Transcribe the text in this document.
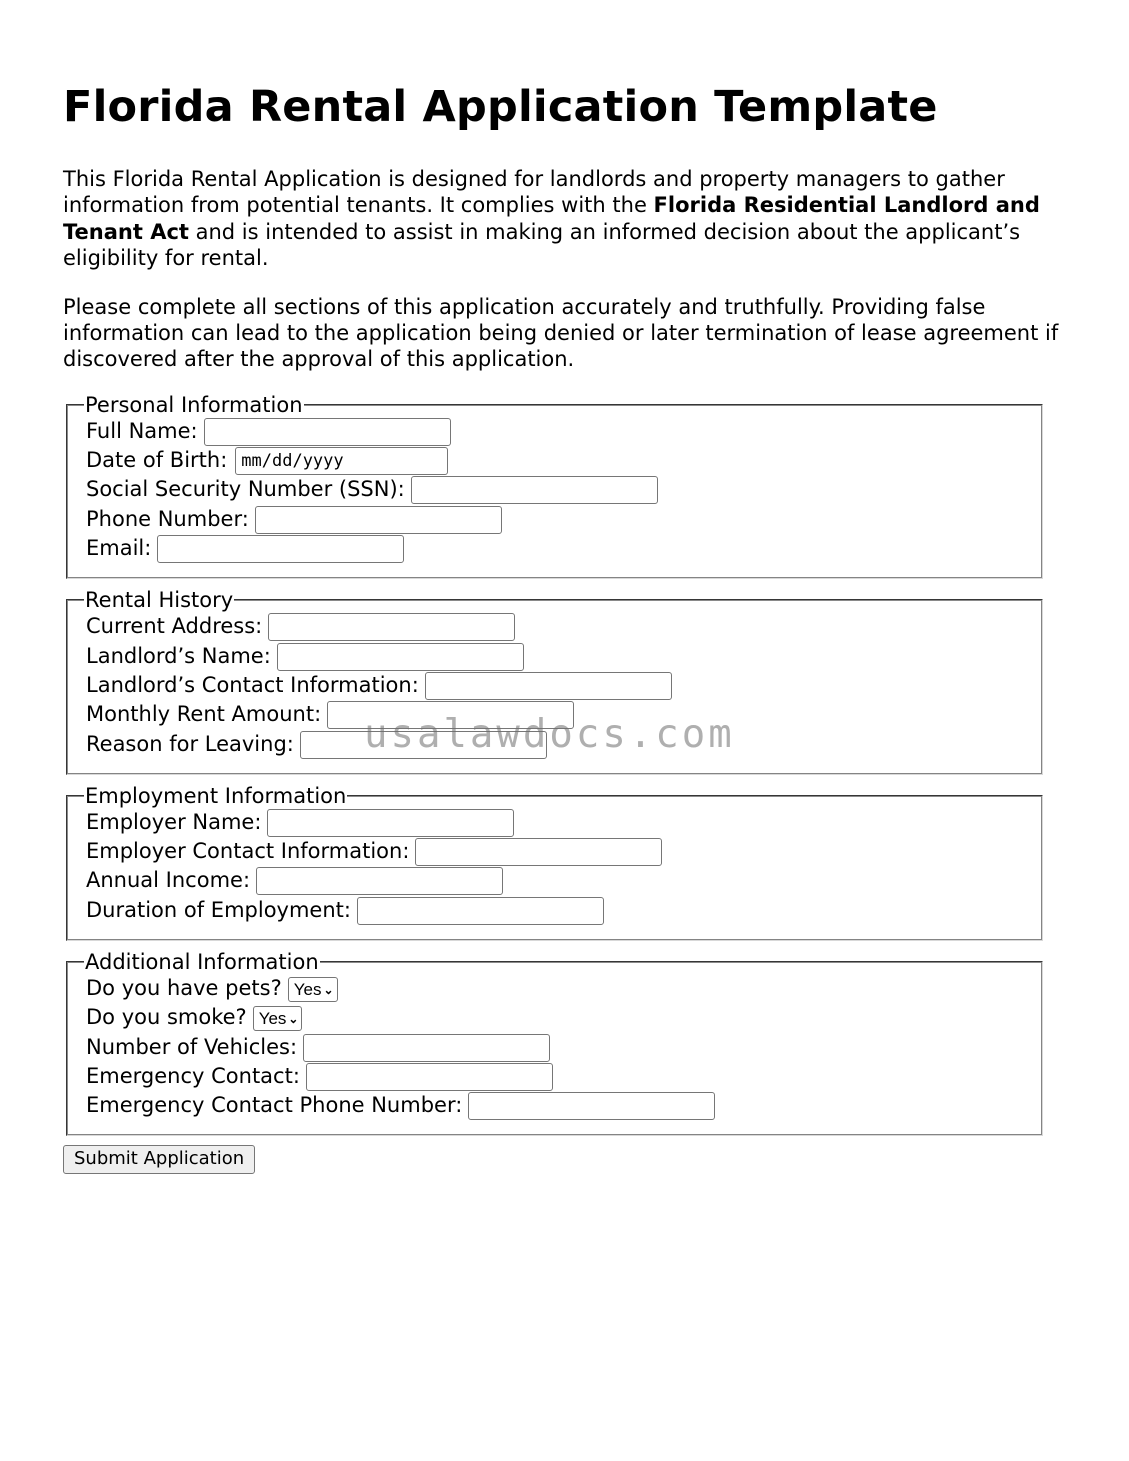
Florida Rental Application Template

This Florida Rental Application is designed for landlords and property managers to gather information from potential tenants. It complies with the Florida Residential Landlord and Tenant Act and is intended to assist in making an informed decision about the applicant’s eligibility for rental.

Please complete all sections of this application accurately and truthfully. Providing false information can lead to the application being denied or later termination of lease agreement if discovered after the approval of this application.

Personal Information
Full Name:
Date of Birth: mm/dd/yyyy
Social Security Number (SSN):
Phone Number:
Email:
Rental History
Current Address:
Landlord’s Name:
Landlord’s Contact Information:
Monthly Rent Amount:
Reason for Leaving:
Employment Information
Employer Name:
Employer Contact Information:
Annual Income:
Duration of Employment:
Additional Information
Do you have pets? Yes ⌄
Do you smoke? Yes ⌄
Number of Vehicles:
Emergency Contact:
Emergency Contact Phone Number:
Submit Application
usalawdocs.com
